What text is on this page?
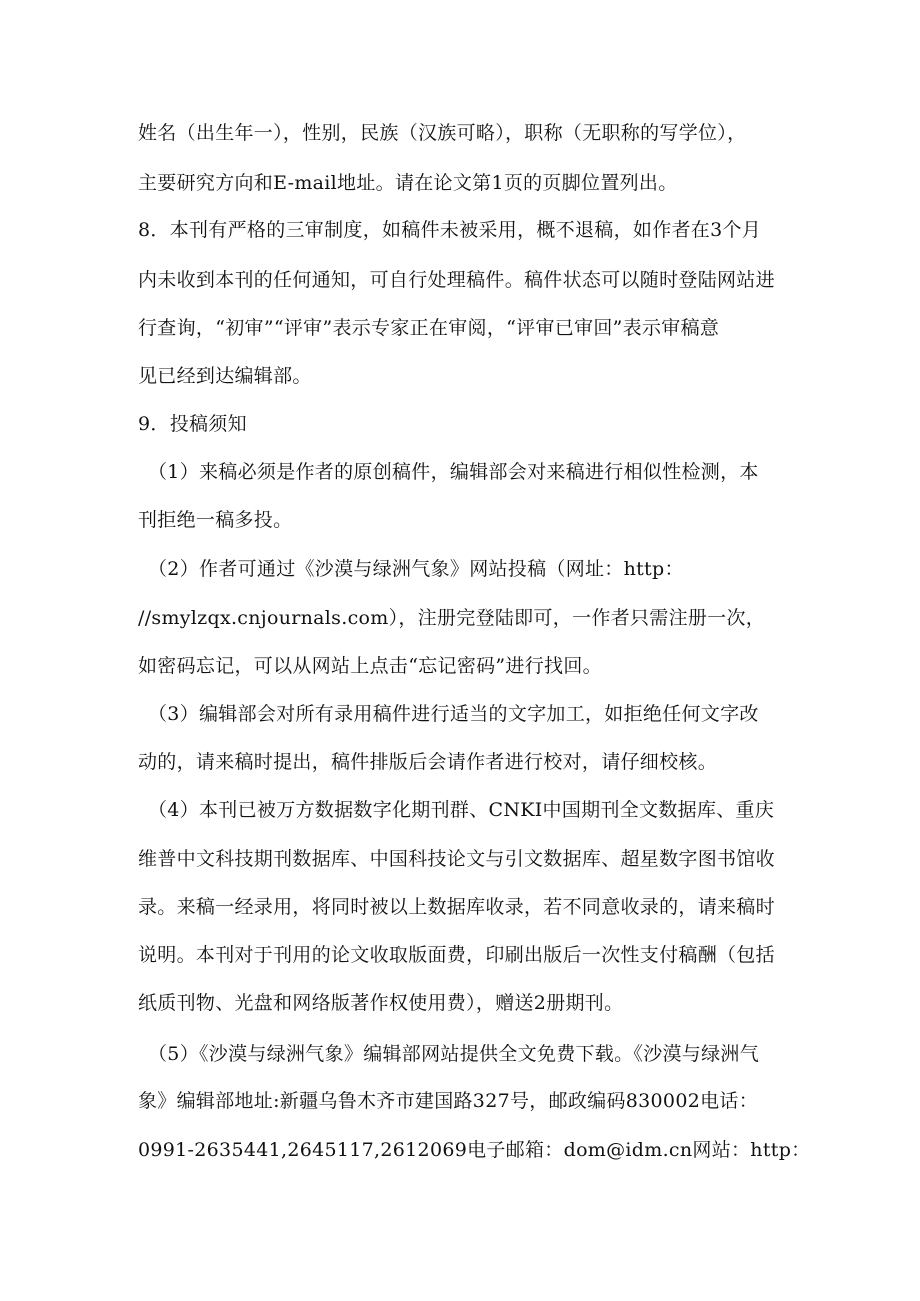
姓名（出生年一），性别，民族（汉族可略），职称（无职称的写学位），
主要研究方向和E-mail地址。请在论文第1页的页脚位置列出。
8．本刊有严格的三审制度，如稿件未被采用，概不退稿，如作者在3个月
内未收到本刊的任何通知，可自行处理稿件。稿件状态可以随时登陆网站进
行查询，“初审”“评审”表示专家正在审阅，“评审已审回”表示审稿意
见已经到达编辑部。
9．投稿须知
（1）来稿必须是作者的原创稿件，编辑部会对来稿进行相似性检测，本
刊拒绝一稿多投。
（2）作者可通过《沙漠与绿洲气象》网站投稿（网址：http：
//smylzqx.cnjournals.com），注册完登陆即可，一作者只需注册一次，
如密码忘记，可以从网站上点击“忘记密码”进行找回。
（3）编辑部会对所有录用稿件进行适当的文字加工，如拒绝任何文字改
动的，请来稿时提出，稿件排版后会请作者进行校对，请仔细校核。
（4）本刊已被万方数据数字化期刊群、CNKI中国期刊全文数据库、重庆
维普中文科技期刊数据库、中国科技论文与引文数据库、超星数字图书馆收
录。来稿一经录用，将同时被以上数据库收录，若不同意收录的，请来稿时
说明。本刊对于刊用的论文收取版面费，印刷出版后一次性支付稿酬（包括
纸质刊物、光盘和网络版著作权使用费），赠送2册期刊。
（5）《沙漠与绿洲气象》编辑部网站提供全文免费下载。《沙漠与绿洲气
象》编辑部地址:新疆乌鲁木齐市建国路327号，邮政编码830002电话：
0991-2635441,2645117,2612069电子邮箱：dom@idm.cn网站：http：
